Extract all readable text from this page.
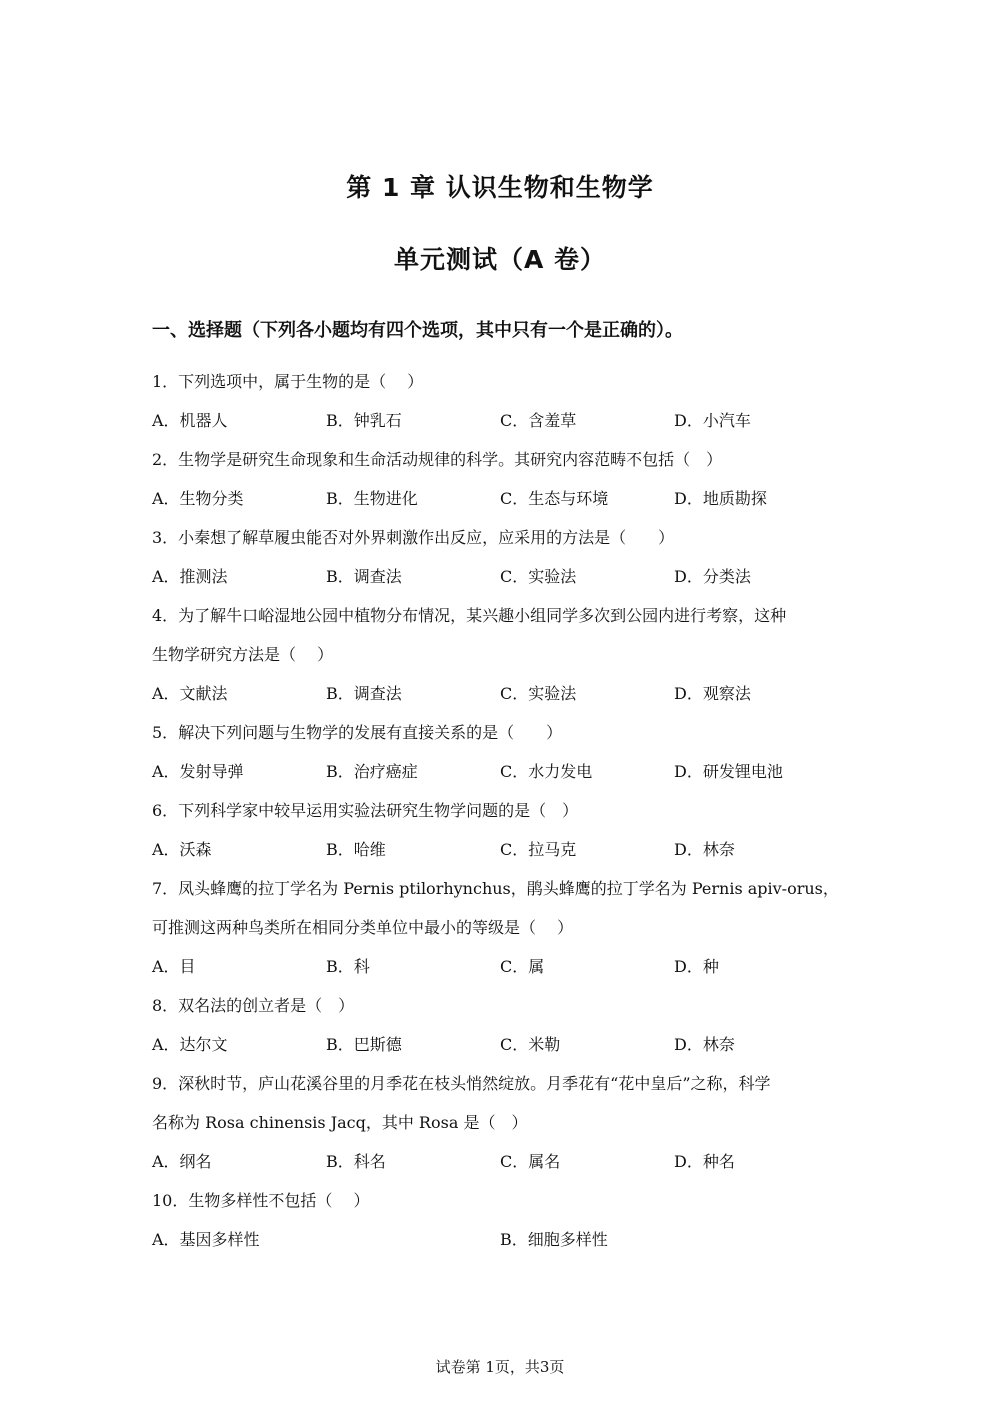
第 1 章 认识生物和生物学
单元测试（A 卷）
一、选择题（下列各小题均有四个选项，其中只有一个是正确的）。
1．下列选项中，属于生物的是（　 ）
A．机器人	B．钟乳石	C．含羞草	D．小汽车
2．生物学是研究生命现象和生命活动规律的科学。其研究内容范畴不包括（　）
A．生物分类	B．生物进化	C．生态与环境	D．地质勘探
3．小秦想了解草履虫能否对外界刺激作出反应，应采用的方法是（　　）
A．推测法	B．调查法	C．实验法	D．分类法
4．为了解牛口峪湿地公园中植物分布情况，某兴趣小组同学多次到公园内进行考察，这种
生物学研究方法是（　 ）
A．文献法	B．调查法	C．实验法	D．观察法
5．解决下列问题与生物学的发展有直接关系的是（　　）
A．发射导弹	B．治疗癌症	C．水力发电	D．研发锂电池
6．下列科学家中较早运用实验法研究生物学问题的是（　）
A．沃森	B．哈维	C．拉马克	D．林奈
7．凤头蜂鹰的拉丁学名为 Pernis ptilorhynchus，鹃头蜂鹰的拉丁学名为 Pernis apiv-orus，
可推测这两种鸟类所在相同分类单位中最小的等级是（　 ）
A．目	B．科	C．属	D．种
8．双名法的创立者是（　）
A．达尔文	B．巴斯德	C．米勒	D．林奈
9．深秋时节，庐山花溪谷里的月季花在枝头悄然绽放。月季花有“花中皇后”之称，科学
名称为 Rosa chinensis Jacq，其中 Rosa 是（　）
A．纲名	B．科名	C．属名	D．种名
10．生物多样性不包括（　 ）
A．基因多样性	B．细胞多样性
试卷第 1页，共3页
